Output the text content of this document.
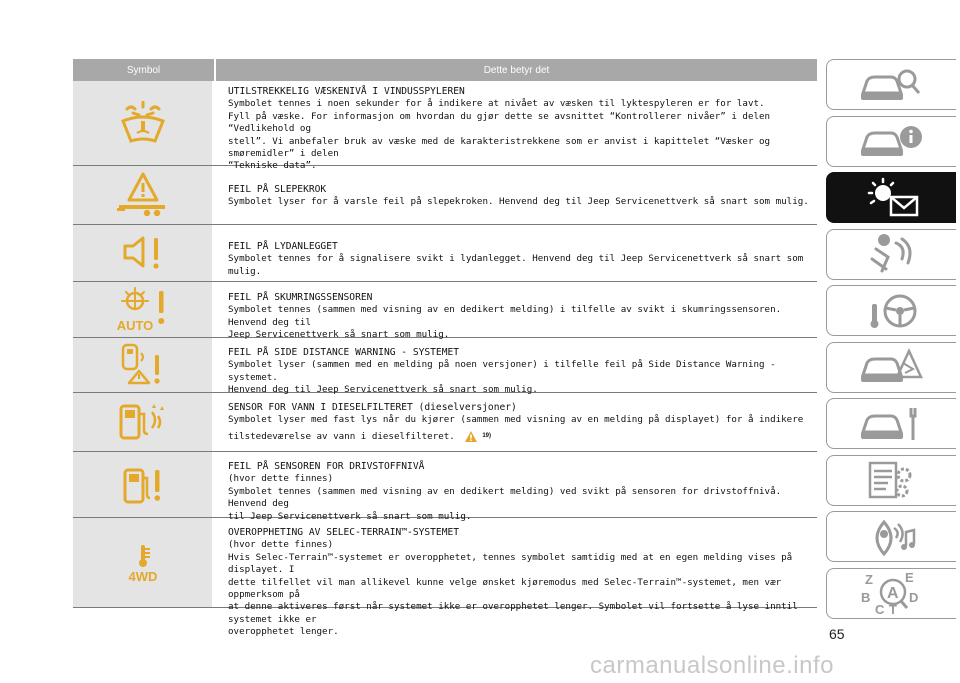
Symbol	Dette betyr det
UTILSTREKKELIG VÆSKENIVÅ I VINDUSSPYLEREN
Symbolet tennes i noen sekunder for å indikere at nivået av væsken til lyktespyleren er for lavt.
Fyll på væske. For informasjon om hvordan du gjør dette se avsnittet “Kontrollerer nivåer” i delen “Vedlikehold og
stell”. Vi anbefaler bruk av væske med de karakteristrekkene som er anvist i kapittelet “Væsker og smøremidler” i delen
“Tekniske data”.
FEIL PÅ SLEPEKROK
Symbolet lyser for å varsle feil på slepekroken. Henvend deg til Jeep Servicenettverk så snart som mulig.
FEIL PÅ LYDANLEGGET
Symbolet tennes for å signalisere svikt i lydanlegget. Henvend deg til Jeep Servicenettverk så snart som mulig.
AUTO
FEIL PÅ SKUMRINGSSENSOREN
Symbolet tennes (sammen med visning av en dedikert melding) i tilfelle av svikt i skumringssensoren. Henvend deg til
Jeep Servicenettverk så snart som mulig.
FEIL PÅ SIDE DISTANCE WARNING - SYSTEMET
Symbolet lyser (sammen med en melding på noen versjoner) i tilfelle feil på Side Distance Warning - systemet.
Henvend deg til Jeep Servicenettverk så snart som mulig.
SENSOR FOR VANN I DIESELFILTERET (dieselversjoner)
Symbolet lyser med fast lys når du kjører (sammen med visning av en melding på displayet) for å indikere
tilstedeværelse av vann i dieselfilteret.	19)
FEIL PÅ SENSOREN FOR DRIVSTOFFNIVÅ
(hvor dette finnes)
Symbolet tennes (sammen med visning av en dedikert melding) ved svikt på sensoren for drivstoffnivå. Henvend deg
til Jeep Servicenettverk så snart som mulig.
4WD
OVEROPPHETING AV SELEC-TERRAIN™-SYSTEMET
(hvor dette finnes)
Hvis Selec-Terrain™-systemet er overopphetet, tennes symbolet samtidig med at en egen melding vises på displayet. I
dette tilfellet vil man allikevel kunne velge ønsket kjøremodus med Selec-Terrain™-systemet, men vær oppmerksom på
at denne aktiveres først når systemet ikke er overopphetet lenger. Symbolet vil fortsette å lyse inntil systemet ikke er
overopphetet lenger.
Z E
B A D
C T
65
carmanualsonline.info
